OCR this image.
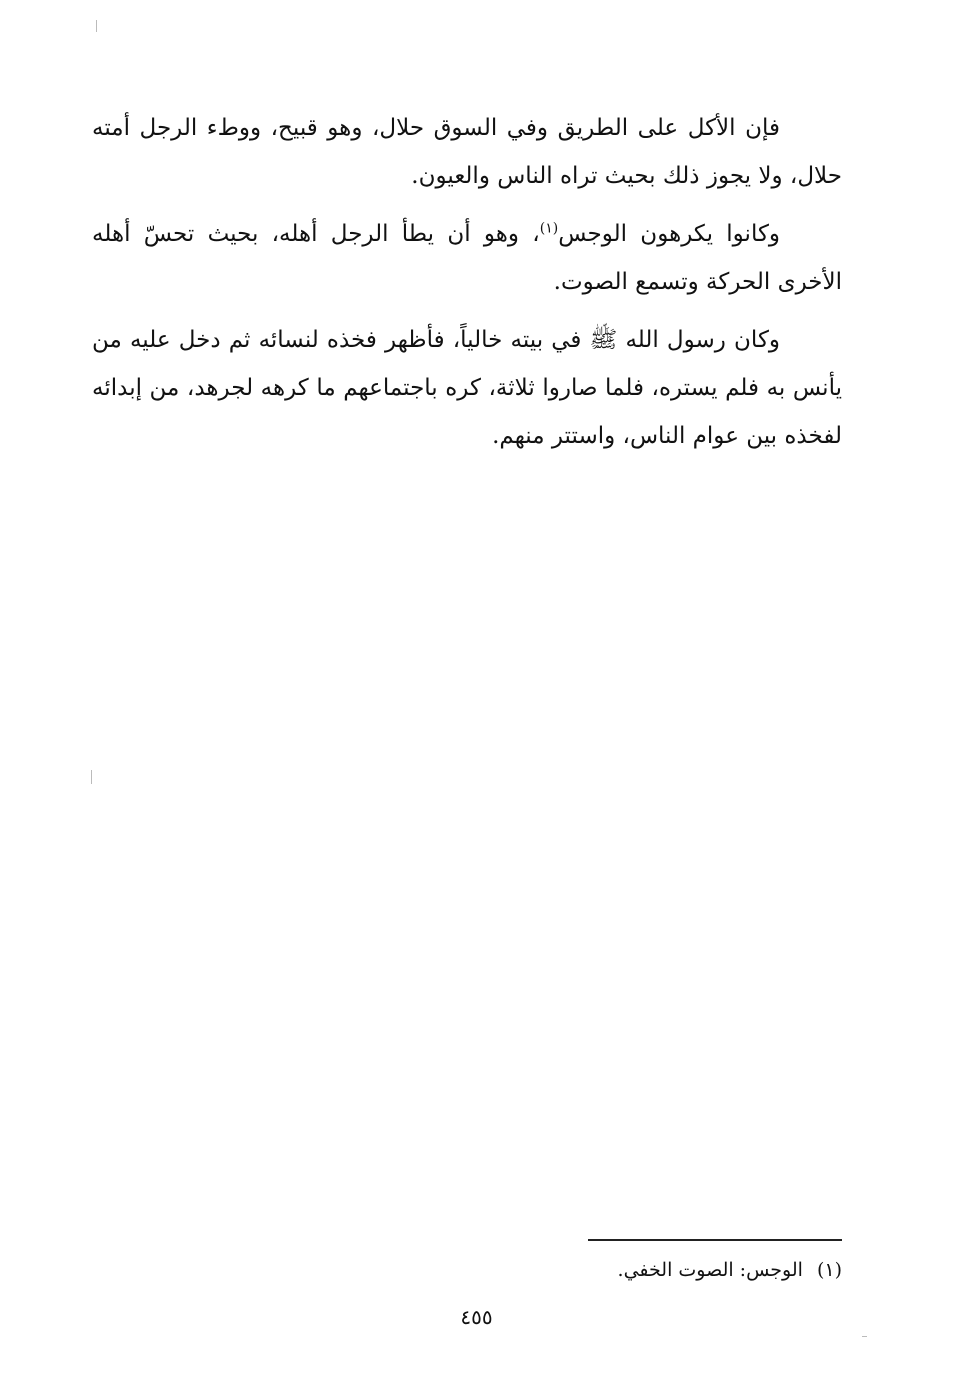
فإن الأكل على الطريق وفي السوق حلال، وهو قبيح، ووطء الرجل أمته حلال، ولا يجوز ذلك بحيث تراه الناس والعيون.

وكانوا يكرهون الوجس$^{(١)}$، وهو أن يطأ الرجل أهله، بحيث تحسّ أهله الأخرى الحركة وتسمع الصوت.

وكان رسول الله ﷺ في بيته خالياً، فأظهر فخذه لنسائه ثم دخل عليه من يأنس به فلم يستره، فلما صاروا ثلاثة، كره باجتماعهم ما كرهه لجرهد، من إبدائه لفخذه بين عوام الناس، واستتر منهم.

(١)الوجس: الصوت الخفي.
٤٥٥
